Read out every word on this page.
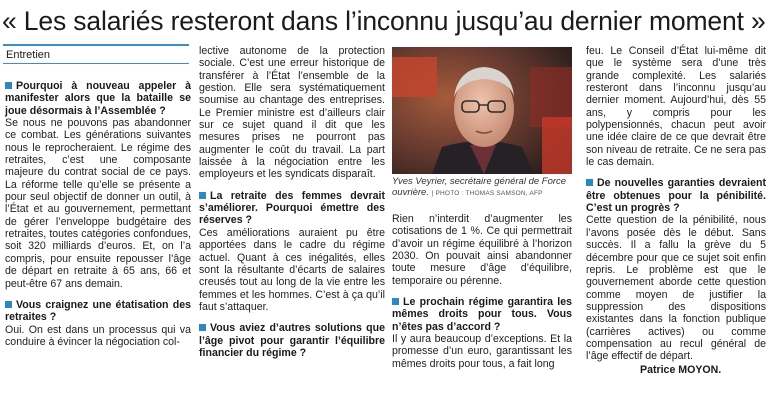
« Les salariés resteront dans l’inconnu jusqu’au dernier moment »
Entretien

Pourquoi à nouveau appeler à manifester alors que la bataille se joue désormais à l’Assemblée ?

Se nous ne pouvons pas abandonner ce combat. Les générations suivantes nous le reprocheraient. Le régime des retraites, c’est une composante majeure du contrat social de ce pays. La réforme telle qu’elle se présente a pour seul objectif de donner un outil, à l’État et au gouvernement, permettant de gérer l’enveloppe budgétaire des retraites, toutes catégories confondues, soit 320 milliards d’euros. Et, on l’a compris, pour ensuite repousser l’âge de départ en retraite à 65 ans, 66 et peut-être 67 ans demain.

Vous craignez une étatisation des retraites ?

Oui. On est dans un processus qui va conduire à évincer la négociation col-

lective autonome de la protection sociale. C’est une erreur historique de transférer à l’État l’ensemble de la gestion. Elle sera systématiquement soumise au chantage des entreprises. Le Premier ministre est d’ailleurs clair sur ce sujet quand il dit que les mesures prises ne pourront pas augmenter le coût du travail. La part laissée à la négociation entre les employeurs et les syndicats disparaît.

La retraite des femmes devrait s’améliorer. Pourquoi émettre des réserves ?

Ces améliorations auraient pu être apportées dans le cadre du régime actuel. Quant à ces inégalités, elles sont la résultante d’écarts de salaires creusés tout au long de la vie entre les femmes et les hommes. C’est à ça qu’il faut s’attaquer.

Vous aviez d’autres solutions que l’âge pivot pour garantir l’équilibre financier du régime ?

Yves Veyrier, secrétaire général de Force ouvrière. | PHOTO : THOMAS SAMSON, AFP

Rien n’interdit d’augmenter les cotisations de 1 %. Ce qui permettrait d’avoir un régime équilibré à l’horizon 2030. On pouvait ainsi abandonner toute mesure d’âge d’équilibre, temporaire ou pérenne.

Le prochain régime garantira les mêmes droits pour tous. Vous n’êtes pas d’accord ?

Il y aura beaucoup d’exceptions. Et la promesse d’un euro, garantissant les mêmes droits pour tous, a fait long

feu. Le Conseil d’État lui-même dit que le système sera d’une très grande complexité. Les salariés resteront dans l’inconnu jusqu’au dernier moment. Aujourd’hui, dès 55 ans, y compris pour les polypensionnés, chacun peut avoir une idée claire de ce que devrait être son niveau de retraite. Ce ne sera pas le cas demain.

De nouvelles garanties devraient être obtenues pour la pénibilité. C’est un progrès ?

Cette question de la pénibilité, nous l’avons posée dès le début. Sans succès. Il a fallu la grève du 5 décembre pour que ce sujet soit enfin repris. Le problème est que le gouvernement aborde cette question comme moyen de justifier la suppression des dispositions existantes dans la fonction publique (carrières actives) ou comme compensation au recul général de l’âge effectif de départ.

Patrice MOYON.
